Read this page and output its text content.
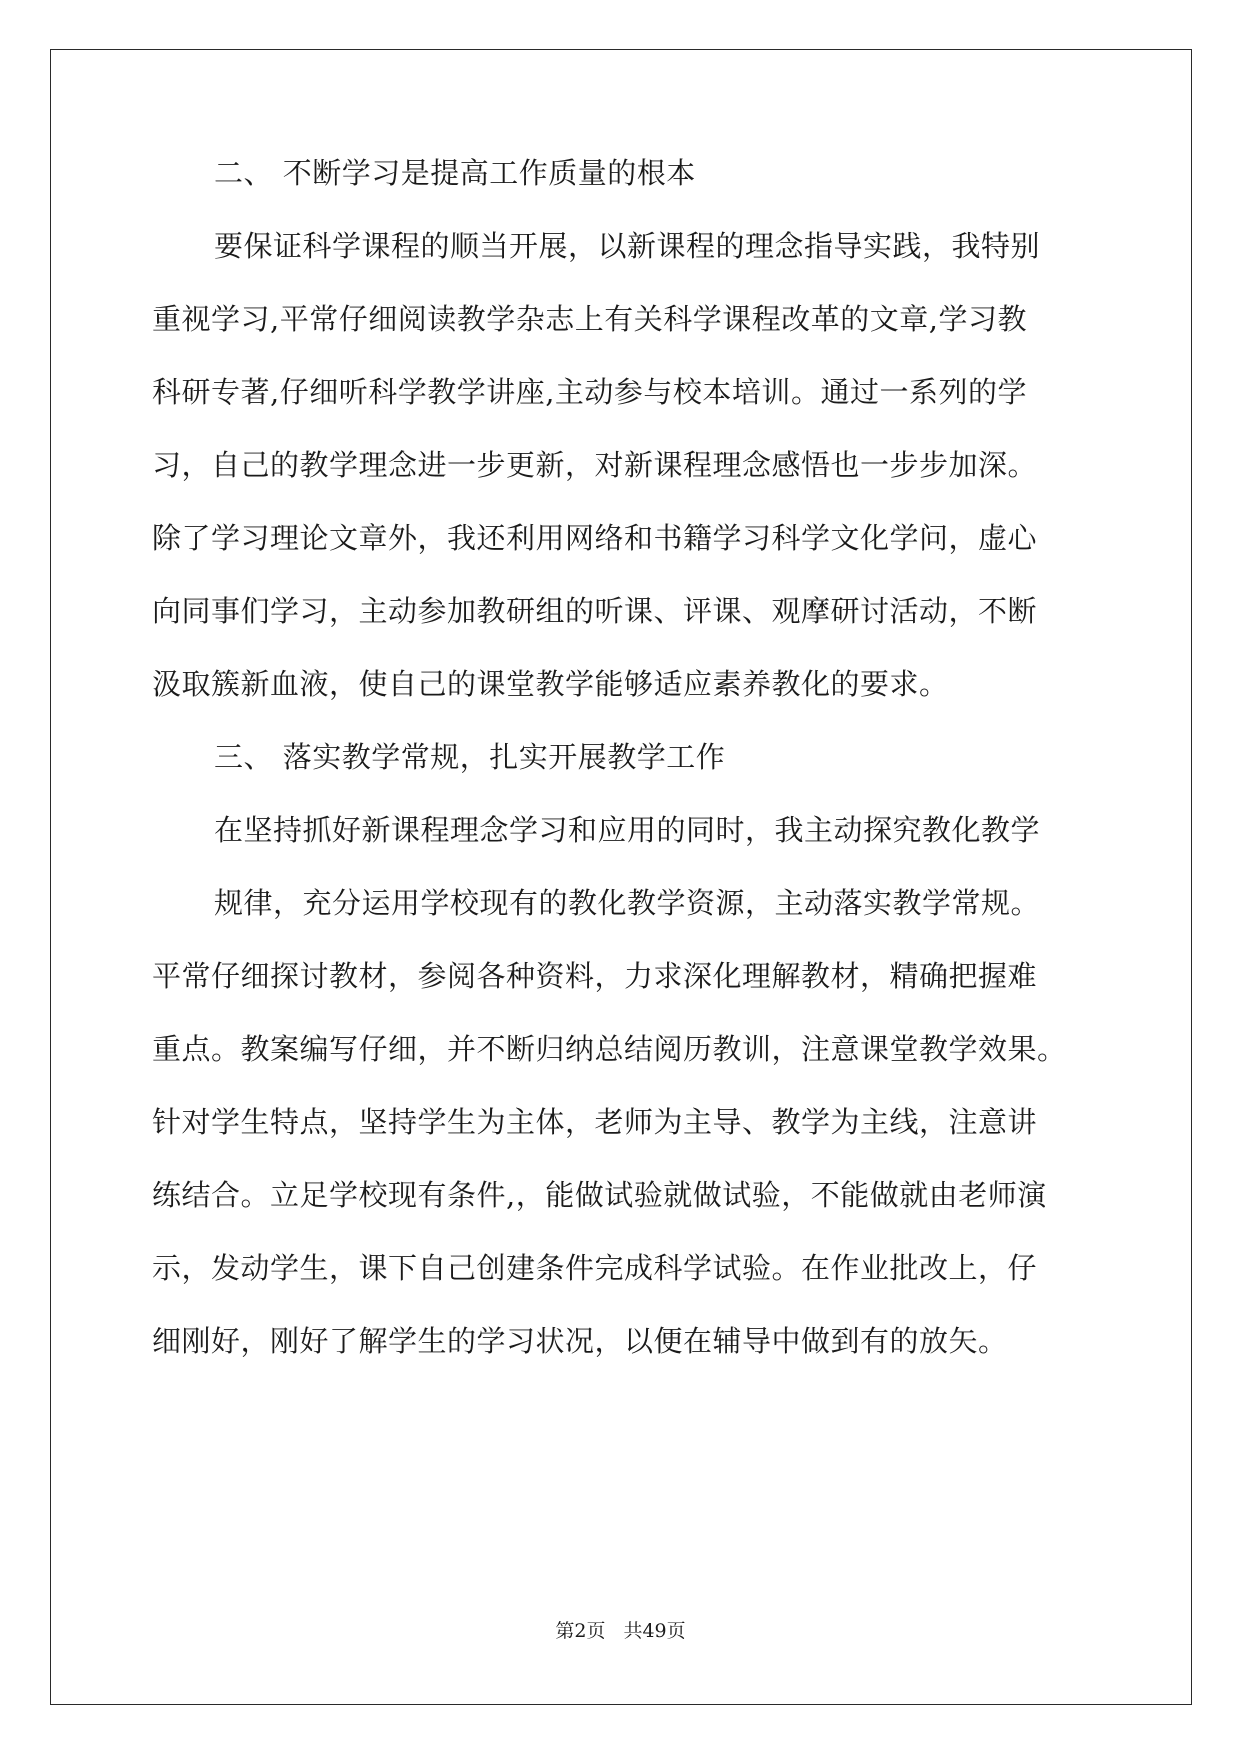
二、 不断学习是提高工作质量的根本
要保证科学课程的顺当开展，以新课程的理念指导实践，我特别
重视学习,平常仔细阅读教学杂志上有关科学课程改革的文章,学习教
科研专著,仔细听科学教学讲座,主动参与校本培训。通过一系列的学
习，自己的教学理念进一步更新，对新课程理念感悟也一步步加深。
除了学习理论文章外，我还利用网络和书籍学习科学文化学问，虚心
向同事们学习，主动参加教研组的听课、评课、观摩研讨活动，不断
汲取簇新血液，使自己的课堂教学能够适应素养教化的要求。
三、 落实教学常规，扎实开展教学工作
在坚持抓好新课程理念学习和应用的同时，我主动探究教化教学
规律，充分运用学校现有的教化教学资源，主动落实教学常规。
平常仔细探讨教材，参阅各种资料，力求深化理解教材，精确把握难
重点。教案编写仔细，并不断归纳总结阅历教训，注意课堂教学效果。
针对学生特点，坚持学生为主体，老师为主导、教学为主线，注意讲
练结合。立足学校现有条件,，能做试验就做试验，不能做就由老师演
示，发动学生，课下自己创建条件完成科学试验。在作业批改上，仔
细刚好，刚好了解学生的学习状况，以便在辅导中做到有的放矢。
第2页 共49页
